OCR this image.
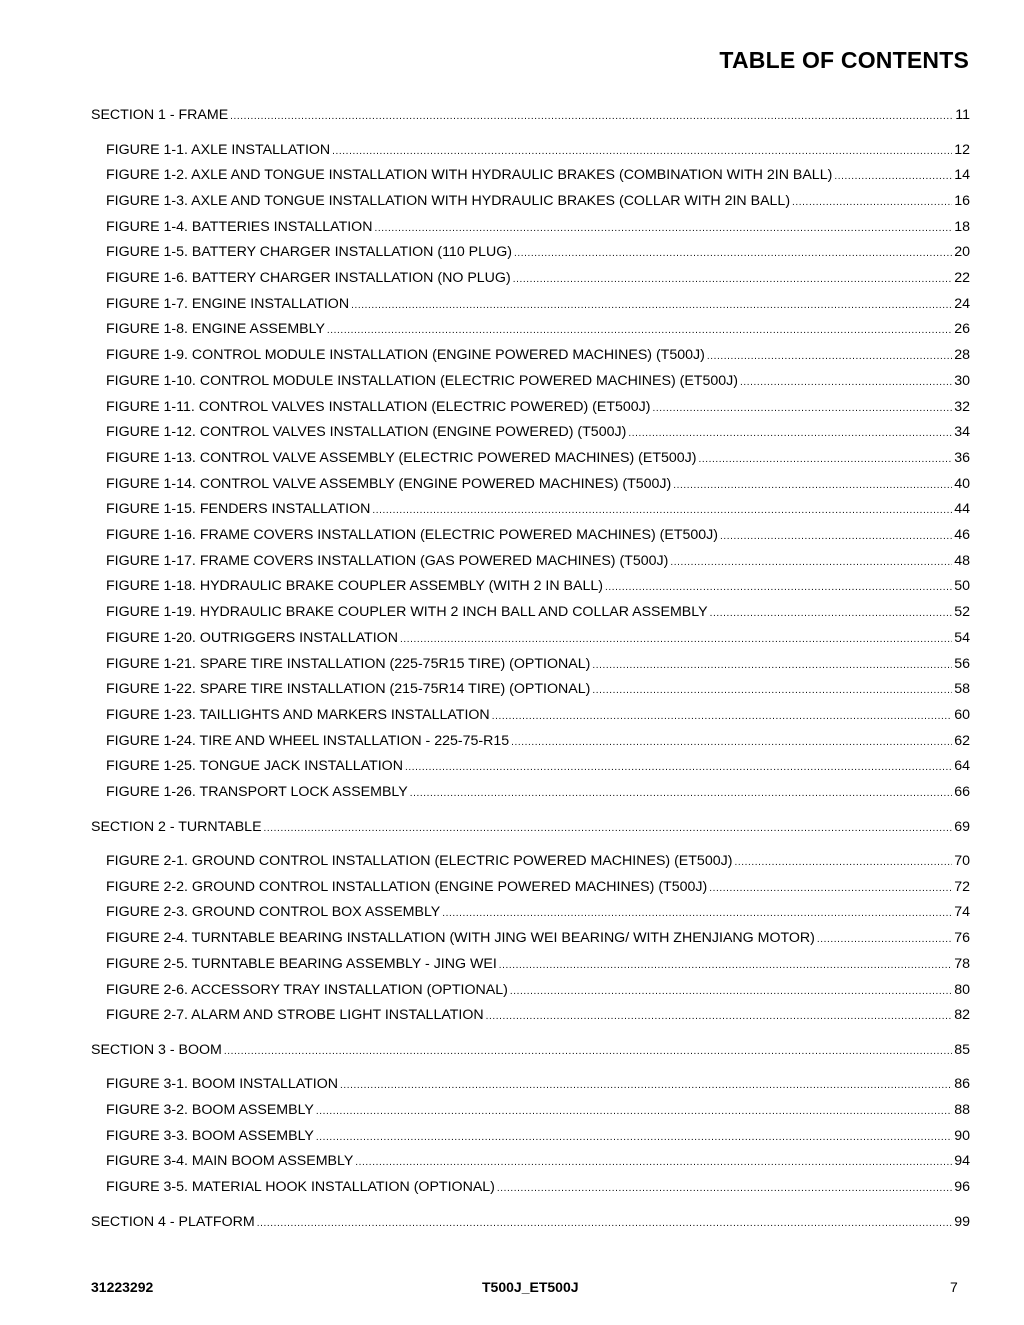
TABLE OF CONTENTS
SECTION 1 - FRAME .....	11
FIGURE 1-1. AXLE INSTALLATION .....	12
FIGURE 1-2. AXLE AND TONGUE INSTALLATION WITH HYDRAULIC BRAKES (COMBINATION WITH 2IN BALL) .....	14
FIGURE 1-3. AXLE AND TONGUE INSTALLATION WITH HYDRAULIC BRAKES (COLLAR WITH 2IN BALL) .....	16
FIGURE 1-4. BATTERIES INSTALLATION .....	18
FIGURE 1-5. BATTERY CHARGER INSTALLATION (110 PLUG) .....	20
FIGURE 1-6. BATTERY CHARGER INSTALLATION (NO PLUG) .....	22
FIGURE 1-7. ENGINE INSTALLATION .....	24
FIGURE 1-8. ENGINE ASSEMBLY .....	26
FIGURE 1-9. CONTROL MODULE INSTALLATION (ENGINE POWERED MACHINES) (T500J) .....	28
FIGURE 1-10. CONTROL MODULE INSTALLATION (ELECTRIC POWERED MACHINES) (ET500J) .....	30
FIGURE 1-11. CONTROL VALVES INSTALLATION (ELECTRIC POWERED) (ET500J) .....	32
FIGURE 1-12. CONTROL VALVES INSTALLATION (ENGINE POWERED) (T500J) .....	34
FIGURE 1-13. CONTROL VALVE ASSEMBLY (ELECTRIC POWERED MACHINES) (ET500J) .....	36
FIGURE 1-14. CONTROL VALVE ASSEMBLY (ENGINE POWERED MACHINES) (T500J) .....	40
FIGURE 1-15. FENDERS INSTALLATION .....	44
FIGURE 1-16. FRAME COVERS INSTALLATION (ELECTRIC POWERED MACHINES) (ET500J) .....	46
FIGURE 1-17. FRAME COVERS INSTALLATION (GAS POWERED MACHINES) (T500J) .....	48
FIGURE 1-18. HYDRAULIC BRAKE COUPLER ASSEMBLY (WITH 2 IN BALL) .....	50
FIGURE 1-19. HYDRAULIC BRAKE COUPLER WITH 2 INCH BALL AND COLLAR ASSEMBLY .....	52
FIGURE 1-20. OUTRIGGERS INSTALLATION .....	54
FIGURE 1-21. SPARE TIRE INSTALLATION (225-75R15 TIRE) (OPTIONAL) .....	56
FIGURE 1-22. SPARE TIRE INSTALLATION (215-75R14 TIRE) (OPTIONAL) .....	58
FIGURE 1-23. TAILLIGHTS AND MARKERS INSTALLATION .....	60
FIGURE 1-24. TIRE AND WHEEL INSTALLATION - 225-75-R15 .....	62
FIGURE 1-25. TONGUE JACK INSTALLATION .....	64
FIGURE 1-26. TRANSPORT LOCK ASSEMBLY .....	66
SECTION 2 - TURNTABLE .....	69
FIGURE 2-1. GROUND CONTROL INSTALLATION (ELECTRIC POWERED MACHINES) (ET500J) .....	70
FIGURE 2-2. GROUND CONTROL INSTALLATION (ENGINE POWERED MACHINES) (T500J) .....	72
FIGURE 2-3. GROUND CONTROL BOX ASSEMBLY .....	74
FIGURE 2-4. TURNTABLE BEARING INSTALLATION (WITH JING WEI BEARING/ WITH ZHENJIANG MOTOR) .....	76
FIGURE 2-5. TURNTABLE BEARING ASSEMBLY - JING WEI .....	78
FIGURE 2-6. ACCESSORY TRAY INSTALLATION (OPTIONAL) .....	80
FIGURE 2-7. ALARM AND STROBE LIGHT INSTALLATION .....	82
SECTION 3 - BOOM .....	85
FIGURE 3-1. BOOM INSTALLATION .....	86
FIGURE 3-2. BOOM ASSEMBLY .....	88
FIGURE 3-3. BOOM ASSEMBLY .....	90
FIGURE 3-4. MAIN BOOM ASSEMBLY .....	94
FIGURE 3-5. MATERIAL HOOK INSTALLATION (OPTIONAL) .....	96
SECTION 4 - PLATFORM .....	99
31223292	T500J_ET500J	7
